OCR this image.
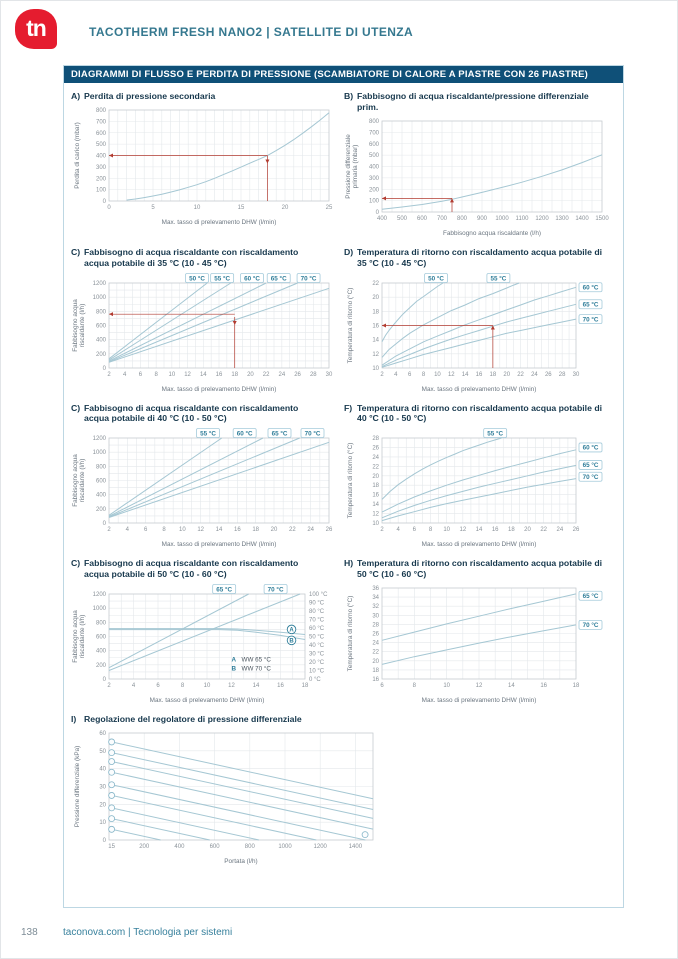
tn	TACOTHERM FRESH NANO2 | SATELLITE DI UTENZA
DIAGRAMMI DI FLUSSO E PERDITA DI PRESSIONE (SCAMBIATORE DI CALORE A PIASTRE CON 26 PIASTRE)
A) Perdita di pressione secondaria
0	5	10	15	20	25
0
100
200
300
400
500
600
700
800
Max. tasso di prelevamento DHW (l/min)
Perdita di carico (mbar)
B) Fabbisogno di acqua riscaldante/pressione differenziale prim.
400 500 600 700 800 900 1000 1100 1200 1300 1400 1500
0
100
200
300
400
500
600
700
800
Fabbisogno acqua riscaldante (l/h)
Pressione differenziale primaria (mbar)
C) Fabbisogno di acqua riscaldante con riscaldamento
acqua potabile di 35 °C (10 - 45 °C)
2 4 6 8 10 12 14 16 18 20 22 24 26 28 30
0
200
400
600
800
1000
1200
Max. tasso di prelevamento DHW (l/min)
Fabbisogno acqua riscaldante (l/h)
50 °C 55 °C 60 °C 65 °C 70 °C
D) Temperatura di ritorno con riscaldamento acqua potabile di
35 °C (10 - 45 °C)
2 4 6 8 10 12 14 16 18 20 22 24 26 28 30
10
12
14
16
18
20
22
Max. tasso di prelevamento DHW (l/min)
Temperatura di ritorno (°C)
50 °C	55 °C
60 °C
65 °C
70 °C
C) Fabbisogno di acqua riscaldante con riscaldamento
acqua potabile di 40 °C (10 - 50 °C)
2 4 6 8 10 12 14 16 18 20 22 24 26
0
200
400
600
800
1000
1200
Max. tasso di prelevamento DHW (l/min)
Fabbisogno acqua riscaldante (l/h)
55 °C	60 °C	65 °C	70 °C
F) Temperatura di ritorno con riscaldamento acqua potabile di
40 °C (10 - 50 °C)
2 4 6 8 10 12 14 16 18 20 22 24 26
10
12
14
16
18
20
22
24
26
28
Max. tasso di prelevamento DHW (l/min)
Temperatura di ritorno (°C)
55 °C
60 °C
65 °C
70 °C
C) Fabbisogno di acqua riscaldante con riscaldamento
acqua potabile di 50 °C (10 - 60 °C)
2	4	6	8	10	12	14	16	18
0
200
400
600
800
1000
1200	100 °C
90 °C
80 °C
70 °C
60 °C
50 °C
40 °C
30 °C
20 °C
10 °C
0 °C
Max. tasso di prelevamento DHW (l/min)
Fabbisogno acqua riscaldante (l/h)
65 °C	70 °C
A
B
A WW 65 °C
B WW 70 °C
H) Temperatura di ritorno con riscaldamento acqua potabile di
50 °C (10 - 60 °C)
6	8	10	12	14	16	18
16
18
20
22
24
26
28
30
32
34
36
Max. tasso di prelevamento DHW (l/min)
Temperatura di ritorno (°C)	65 °C
70 °C
I) Regolazione del regolatore di pressione differenziale
15	200	400	600	800	1000	1200	1400
0
10
20
30
40
50
60
Portata (l/h)
Pressione differenziale (kPa)
138	taconova.com | Tecnologia per sistemi
